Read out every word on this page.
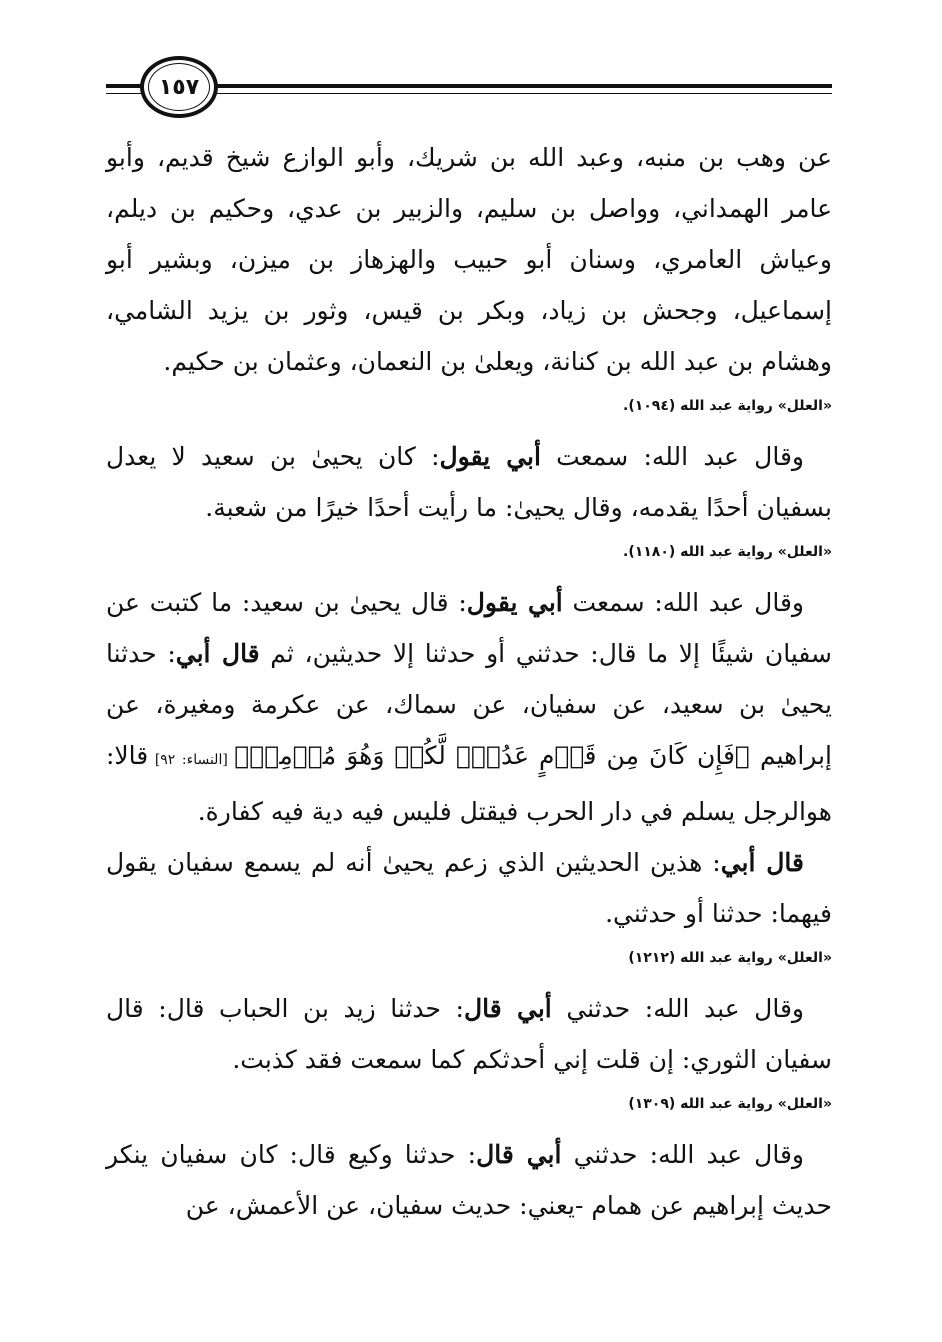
١٥٧

عن وهب بن منبه، وعبد الله بن شريك، وأبو الوازع شيخ قديم، وأبو عامر الهمداني، وواصل بن سليم، والزبير بن عدي، وحكيم بن ديلم، وعياش العامري، وسنان أبو حبيب والهزهاز بن ميزن، وبشير أبو إسماعيل، وجحش بن زياد، وبكر بن قيس، وثور بن يزيد الشامي، وهشام بن عبد الله بن كنانة، ويعلىٰ بن النعمان، وعثمان بن حكيم.

«العلل» رواية عبد الله (١٠٩٤).

وقال عبد الله: سمعت أبي يقول: كان يحيىٰ بن سعيد لا يعدل بسفيان أحدًا يقدمه، وقال يحيىٰ: ما رأيت أحدًا خيرًا من شعبة.

«العلل» رواية عبد الله (١١٨٠).

وقال عبد الله: سمعت أبي يقول: قال يحيىٰ بن سعيد: ما كتبت عن سفيان شيئًا إلا ما قال: حدثني أو حدثنا إلا حديثين، ثم قال أبي: حدثنا يحيىٰ بن سعيد، عن سفيان، عن سماك، عن عكرمة ومغيرة، عن إبراهيم ﴿فَإِن كَانَ مِن قَوۡمٍ عَدُوّٖ لَّكُمۡ وَهُوَ مُؤۡمِنٞ﴾ [النساء: ٩٢] قالا: هوالرجل يسلم في دار الحرب فيقتل فليس فيه دية فيه كفارة.

قال أبي: هذين الحديثين الذي زعم يحيىٰ أنه لم يسمع سفيان يقول فيهما: حدثنا أو حدثني.

«العلل» رواية عبد الله (١٢١٢)

وقال عبد الله: حدثني أبي قال: حدثنا زيد بن الحباب قال: قال سفيان الثوري: إن قلت إني أحدثكم كما سمعت فقد كذبت.

«العلل» رواية عبد الله (١٣٠٩)

وقال عبد الله: حدثني أبي قال: حدثنا وكيع قال: كان سفيان ينكر حديث إبراهيم عن همام -يعني: حديث سفيان، عن الأعمش، عن
